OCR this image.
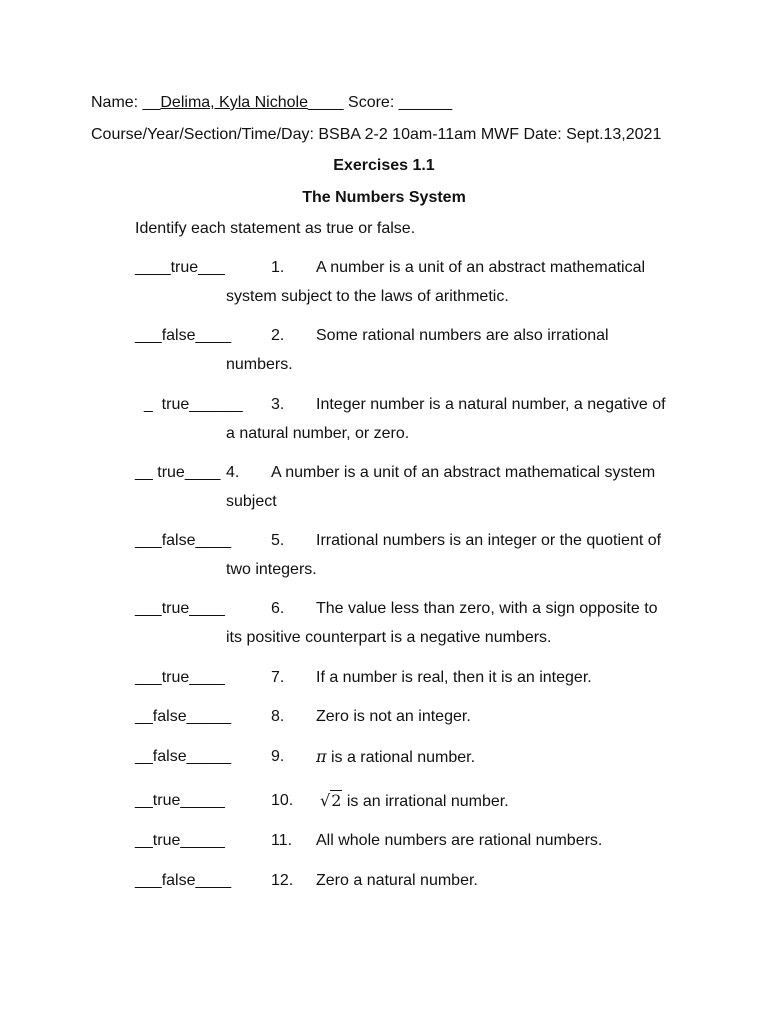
Name: __Delima, Kyla Nichole____ Score: ______
Course/Year/Section/Time/Day: BSBA 2-2 10am-11am MWF Date: Sept.13,2021
Exercises 1.1
The Numbers System
Identify each statement as true or false.
____true___	1. A number is a unit of an abstract mathematical
system subject to the laws of arithmetic.
___false____ 2. Some rational numbers are also irrational
numbers.
_  true______ 3. Integer number is a natural number, a negative of
a natural number, or zero.
__ true____ 4. A number is a unit of an abstract mathematical system
subject
___false____ 5. Irrational numbers is an integer or the quotient of
two integers.
___true____	6. The value less than zero, with a sign opposite to
its positive counterpart is a negative numbers.
___true____	7. If a number is real, then it is an integer.
__false_____ 8. Zero is not an integer.
__false_____ 9. π is a rational number.
__true_____	10. √2 is an irrational number.
__true_____	11. All whole numbers are rational numbers.
___false____ 12. Zero a natural number.
